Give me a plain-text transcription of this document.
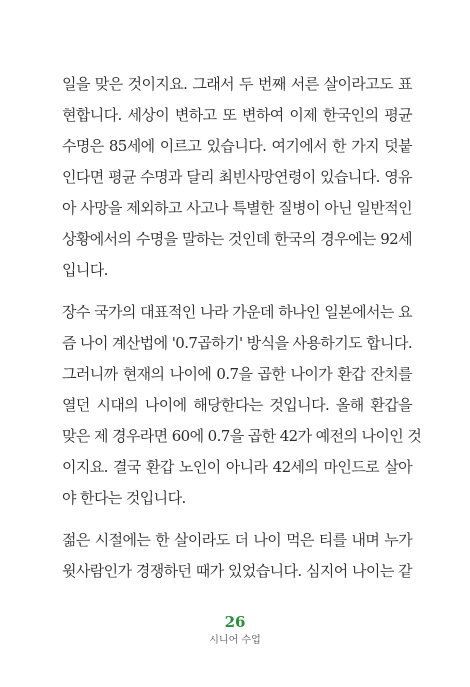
일을 맞은 것이지요. 그래서 두 번째 서른 살이라고도 표
현합니다. 세상이 변하고 또 변하여 이제 한국인의 평균
수명은 85세에 이르고 있습니다. 여기에서 한 가지 덧붙
인다면 평균 수명과 달리 최빈사망연령이 있습니다. 영유
아 사망을 제외하고 사고나 특별한 질병이 아닌 일반적인
상황에서의 수명을 말하는 것인데 한국의 경우에는 92세
입니다.
장수 국가의 대표적인 나라 가운데 하나인 일본에서는 요
즘 나이 계산법에 '0.7곱하기' 방식을 사용하기도 합니다.
그러니까 현재의 나이에 0.7을 곱한 나이가 환갑 잔치를
열던 시대의 나이에 해당한다는 것입니다. 올해 환갑을
맞은 제 경우라면 60에 0.7을 곱한 42가 예전의 나이인 것
이지요. 결국 환갑 노인이 아니라 42세의 마인드로 살아
야 한다는 것입니다.
젊은 시절에는 한 살이라도 더 나이 먹은 티를 내며 누가
윗사람인가 경쟁하던 때가 있었습니다. 심지어 나이는 같
26
시니어 수업
